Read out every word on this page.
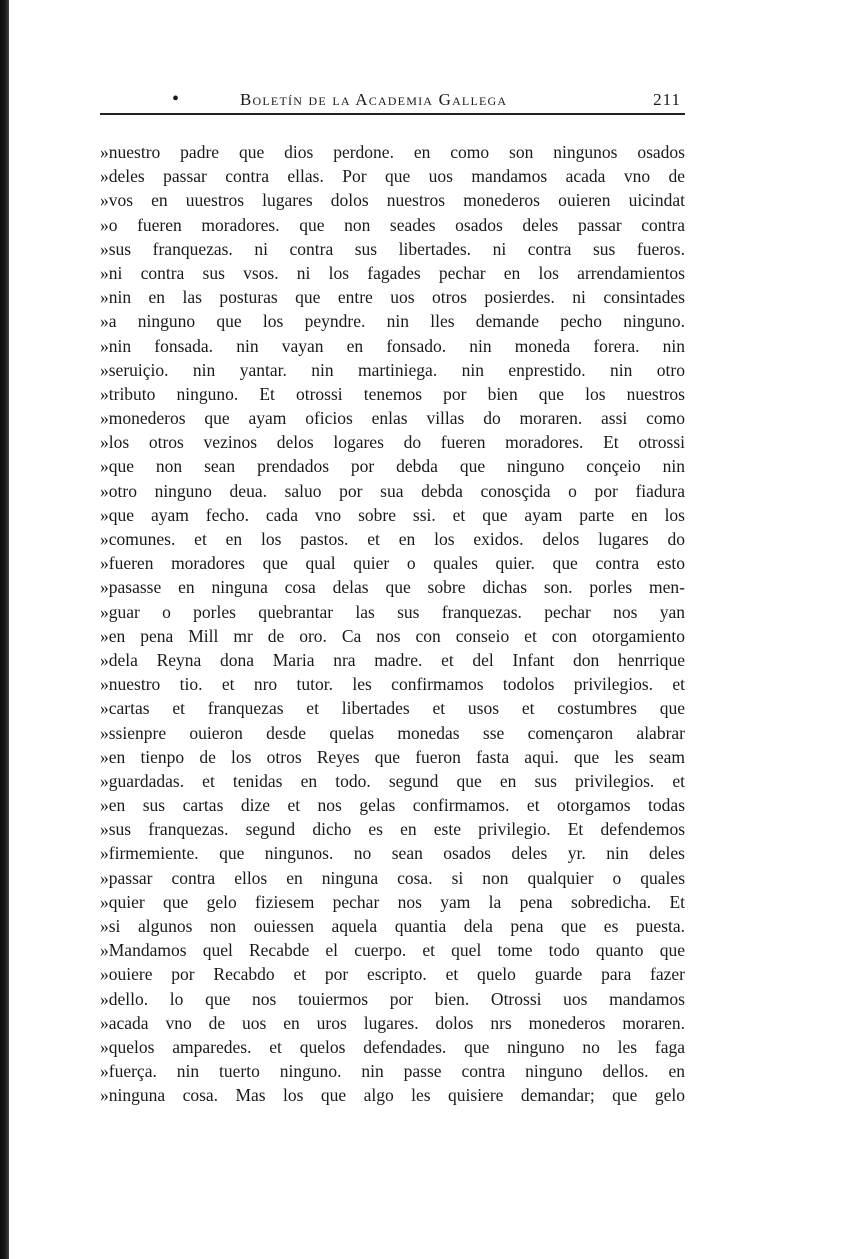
•	Boletín de la Academia Gallega	211
»nuestro padre que dios perdone. en como son ningunos osados
»deles passar contra ellas. Por que uos mandamos acada vno de
»vos en uuestros lugares dolos nuestros monederos ouieren uicindat
»o fueren moradores. que non seades osados deles passar contra
»sus franquezas. ni contra sus libertades. ni contra sus fueros.
»ni contra sus vsos. ni los fagades pechar en los arrendamientos
»nin en las posturas que entre uos otros posierdes. ni consintades
»a ninguno que los peyndre. nin lles demande pecho ninguno.
»nin fonsada. nin vayan en fonsado. nin moneda forera. nin
»seruiçio. nin yantar. nin martiniega. nin enprestido. nin otro
»tributo ninguno. Et otrossi tenemos por bien que los nuestros
»monederos que ayam oficios enlas villas do moraren. assi como
»los otros vezinos delos logares do fueren moradores. Et otrossi
»que non sean prendados por debda que ninguno conçeio nin
»otro ninguno deua. saluo por sua debda conosçida o por fiadura
»que ayam fecho. cada vno sobre ssi. et que ayam parte en los
»comunes. et en los pastos. et en los exidos. delos lugares do
»fueren moradores que qual quier o quales quier. que contra esto
»pasasse en ninguna cosa delas que sobre dichas son. porles men-
»guar o porles quebrantar las sus franquezas. pechar nos yan
»en pena Mill mr de oro. Ca nos con conseio et con otorgamiento
»dela Reyna dona Maria nra madre. et del Infant don henrrique
»nuestro tio. et nro tutor. les confirmamos todolos privilegios. et
»cartas et franquezas et libertades et usos et costumbres que
»ssienpre ouieron desde quelas monedas sse començaron alabrar
»en tienpo de los otros Reyes que fueron fasta aqui. que les seam
»guardadas. et tenidas en todo. segund que en sus privilegios. et
»en sus cartas dize et nos gelas confirmamos. et otorgamos todas
»sus franquezas. segund dicho es en este privilegio. Et defendemos
»firmemiente. que ningunos. no sean osados deles yr. nin deles
»passar contra ellos en ninguna cosa. si non qualquier o quales
»quier que gelo fiziesem pechar nos yam la pena sobredicha. Et
»si algunos non ouiessen aquela quantia dela pena que es puesta.
»Mandamos quel Recabde el cuerpo. et quel tome todo quanto que
»ouiere por Recabdo et por escripto. et quelo guarde para fazer
»dello. lo que nos touiermos por bien. Otrossi uos mandamos
»acada vno de uos en uros lugares. dolos nrs monederos moraren.
»quelos amparedes. et quelos defendades. que ninguno no les faga
»fuerça. nin tuerto ninguno. nin passe contra ninguno dellos. en
»ninguna cosa. Mas los que algo les quisiere demandar; que gelo
